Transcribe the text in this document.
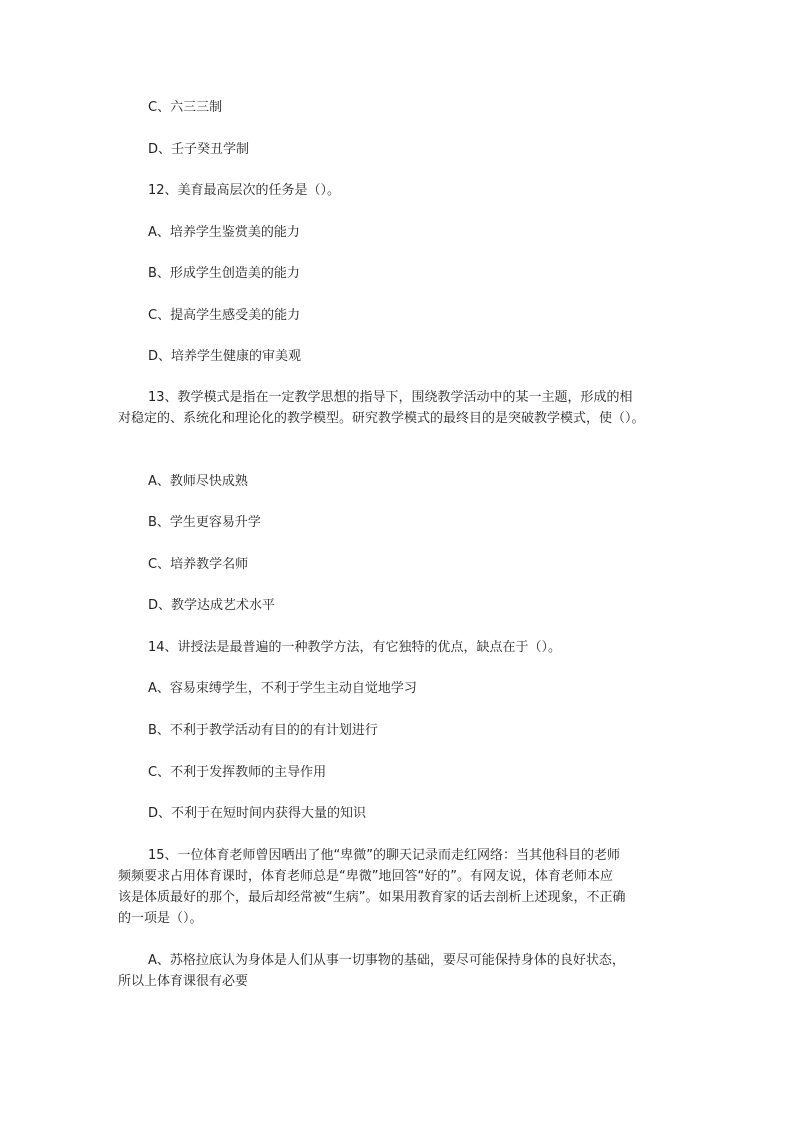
C、六三三制
D、壬子癸丑学制
12、美育最高层次的任务是（）。
A、培养学生鉴赏美的能力
B、形成学生创造美的能力
C、提高学生感受美的能力
D、培养学生健康的审美观
13、教学模式是指在一定教学思想的指导下，围绕教学活动中的某一主题，形成的相
对稳定的、系统化和理论化的教学模型。研究教学模式的最终目的是突破教学模式，使（）。
A、教师尽快成熟
B、学生更容易升学
C、培养教学名师
D、教学达成艺术水平
14、讲授法是最普遍的一种教学方法，有它独特的优点，缺点在于（）。
A、容易束缚学生，不利于学生主动自觉地学习
B、不利于教学活动有目的的有计划进行
C、不利于发挥教师的主导作用
D、不利于在短时间内获得大量的知识
15、一位体育老师曾因晒出了他“卑微”的聊天记录而走红网络：当其他科目的老师
频频要求占用体育课时，体育老师总是“卑微”地回答“好的”。有网友说，体育老师本应
该是体质最好的那个，最后却经常被“生病”。如果用教育家的话去剖析上述现象，不正确
的一项是（）。
A、苏格拉底认为身体是人们从事一切事物的基础，要尽可能保持身体的良好状态，
所以上体育课很有必要
